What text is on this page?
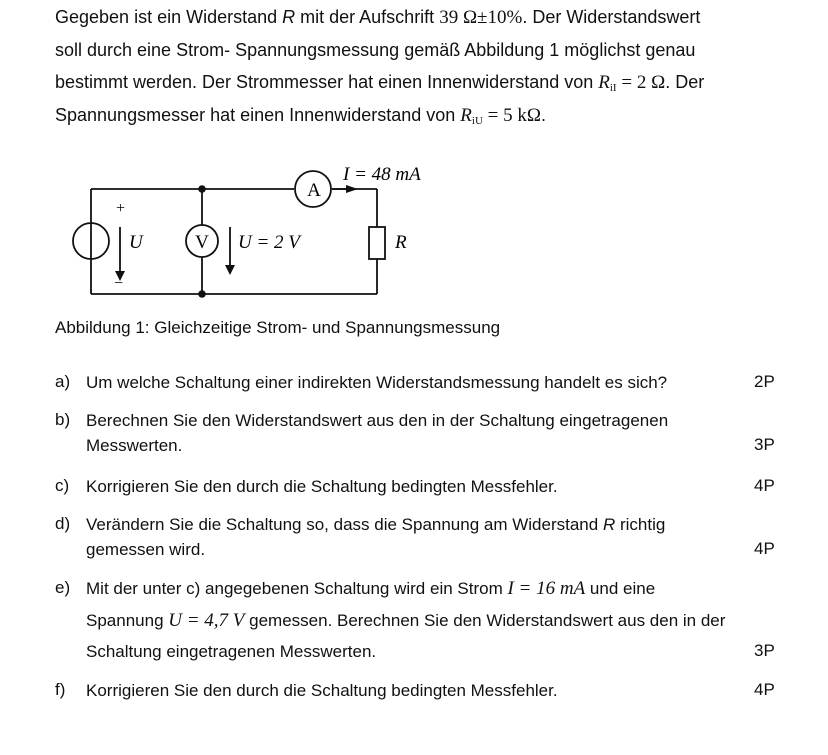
Gegeben ist ein Widerstand R mit der Aufschrift 39 Ω±10%. Der Widerstandswert
soll durch eine Strom- Spannungsmessung gemäß Abbildung 1 möglichst genau
bestimmt werden. Der Strommesser hat einen Innenwiderstand von $R_{iI} = 2$ Ω. Der
Spannungsmesser hat einen Innenwiderstand von $R_{iU} = 5$ kΩ.
A
V
I = 48 mA
U	U = 2 V	R
+
−
Abbildung 1: Gleichzeitige Strom- und Spannungsmessung
a) Um welche Schaltung einer indirekten Widerstandsmessung handelt es sich?	2P
b) Berechnen Sie den Widerstandswert aus den in der Schaltung eingetragenen
Messwerten.	3P
c) Korrigieren Sie den durch die Schaltung bedingten Messfehler.	4P
d) Verändern Sie die Schaltung so, dass die Spannung am Widerstand R richtig
gemessen wird.	4P
e) Mit der unter c) angegebenen Schaltung wird ein Strom I = 16 mA und eine
Spannung U = 4,7 V gemessen. Berechnen Sie den Widerstandswert aus den in der
Schaltung eingetragenen Messwerten.	3P
f) Korrigieren Sie den durch die Schaltung bedingten Messfehler.	4P
